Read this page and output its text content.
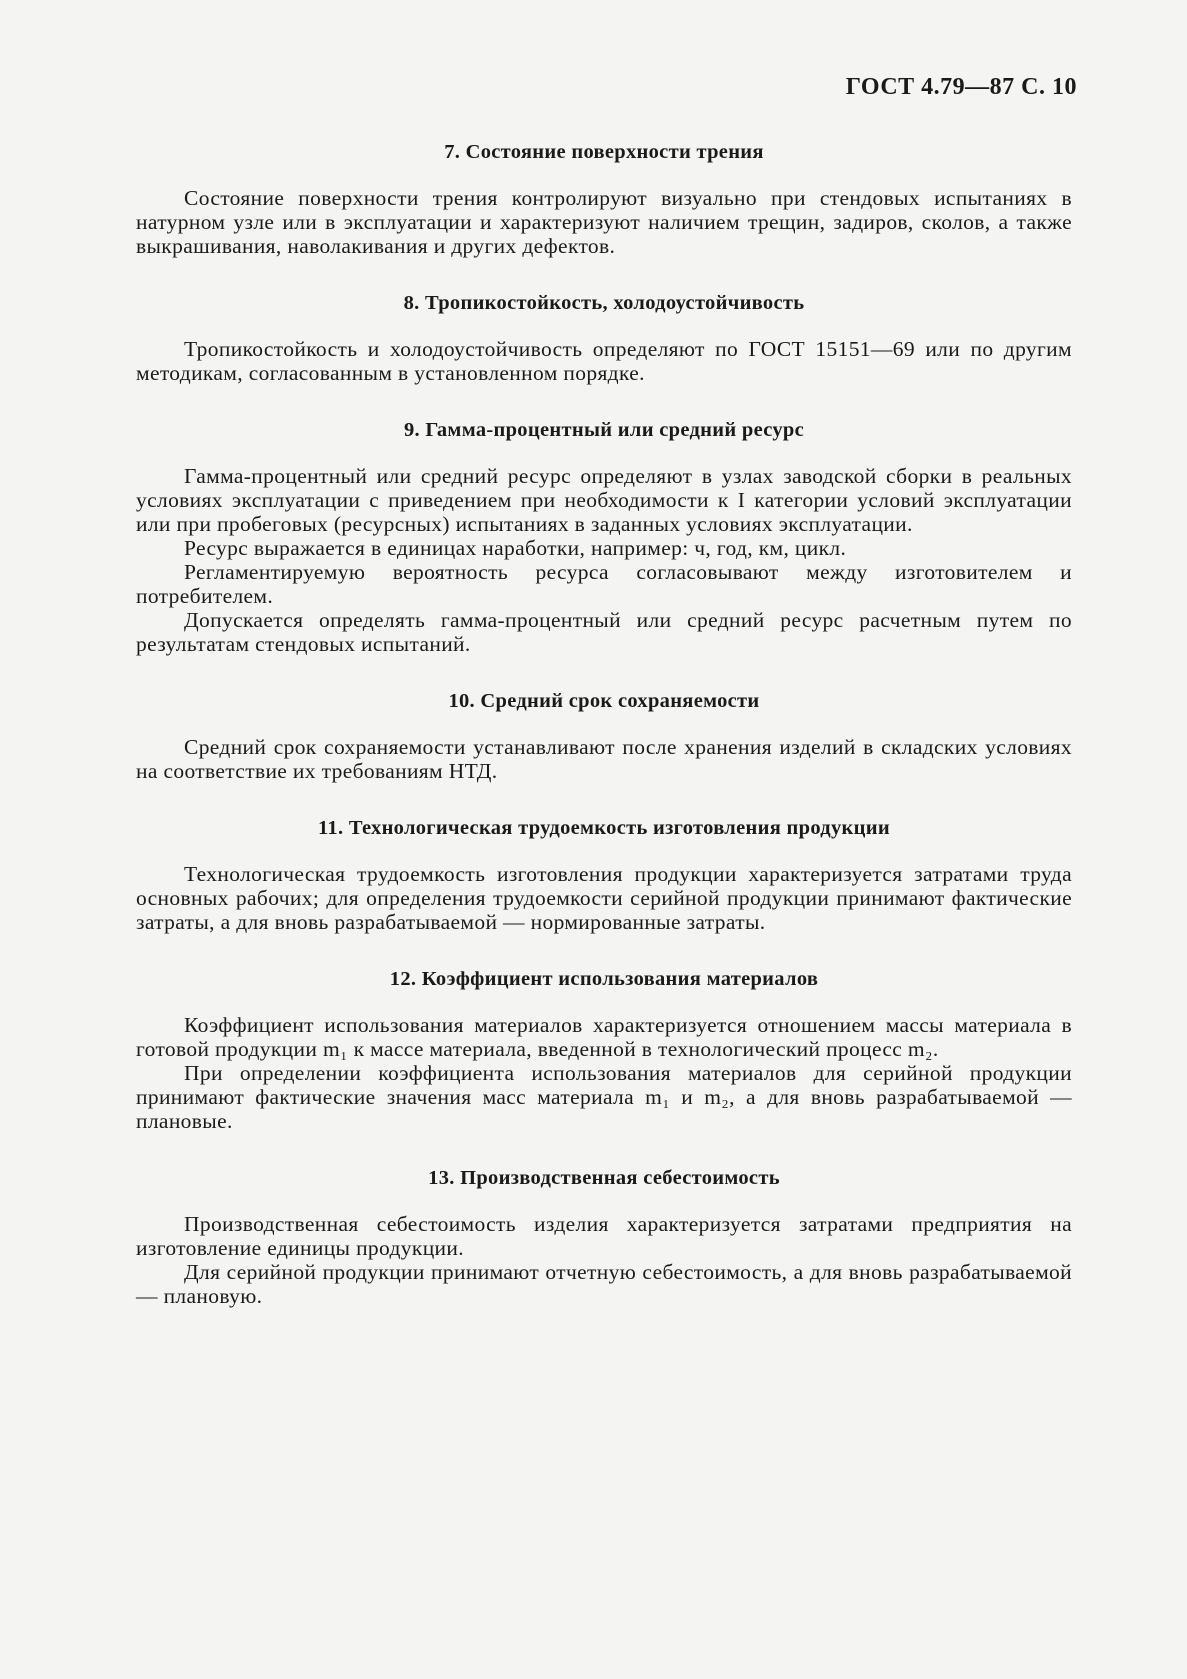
ГОСТ 4.79—87 С. 10
7. Состояние поверхности трения

Состояние поверхности трения контролируют визуально при стендовых испытаниях в натурном узле или в эксплуатации и характеризуют наличием трещин, задиров, сколов, а также выкрашивания, наволакивания и других дефектов.

8. Тропикостойкость, холодоустойчивость

Тропикостойкость и холодоустойчивость определяют по ГОСТ 15151—69 или по другим методикам, согласованным в установленном порядке.

9. Гамма-процентный или средний ресурс

Гамма-процентный или средний ресурс определяют в узлах заводской сборки в реальных условиях эксплуатации с приведением при необходимости к I категории условий эксплуатации или при пробеговых (ресурсных) испытаниях в заданных условиях эксплуатации.

Ресурс выражается в единицах наработки, например: ч, год, км, цикл.

Регламентируемую вероятность ресурса согласовывают между изготовителем и потребителем.

Допускается определять гамма-процентный или средний ресурс расчетным путем по результатам стендовых испытаний.

10. Средний срок сохраняемости

Средний срок сохраняемости устанавливают после хранения изделий в складских условиях на соответствие их требованиям НТД.

11. Технологическая трудоемкость изготовления продукции

Технологическая трудоемкость изготовления продукции характеризуется затратами труда основных рабочих; для определения трудоемкости серийной продукции принимают фактические затраты, а для вновь разрабатываемой — нормированные затраты.

12. Коэффициент использования материалов

Коэффициент использования материалов характеризуется отношением массы материала в готовой продукции m₁ к массе материала, введенной в технологический процесс m₂.

При определении коэффициента использования материалов для серийной продукции принимают фактические значения масс материала m₁ и m₂, а для вновь разрабатываемой — плановые.

13. Производственная себестоимость

Производственная себестоимость изделия характеризуется затратами предприятия на изготовление единицы продукции.

Для серийной продукции принимают отчетную себестоимость, а для вновь разрабатываемой — плановую.
